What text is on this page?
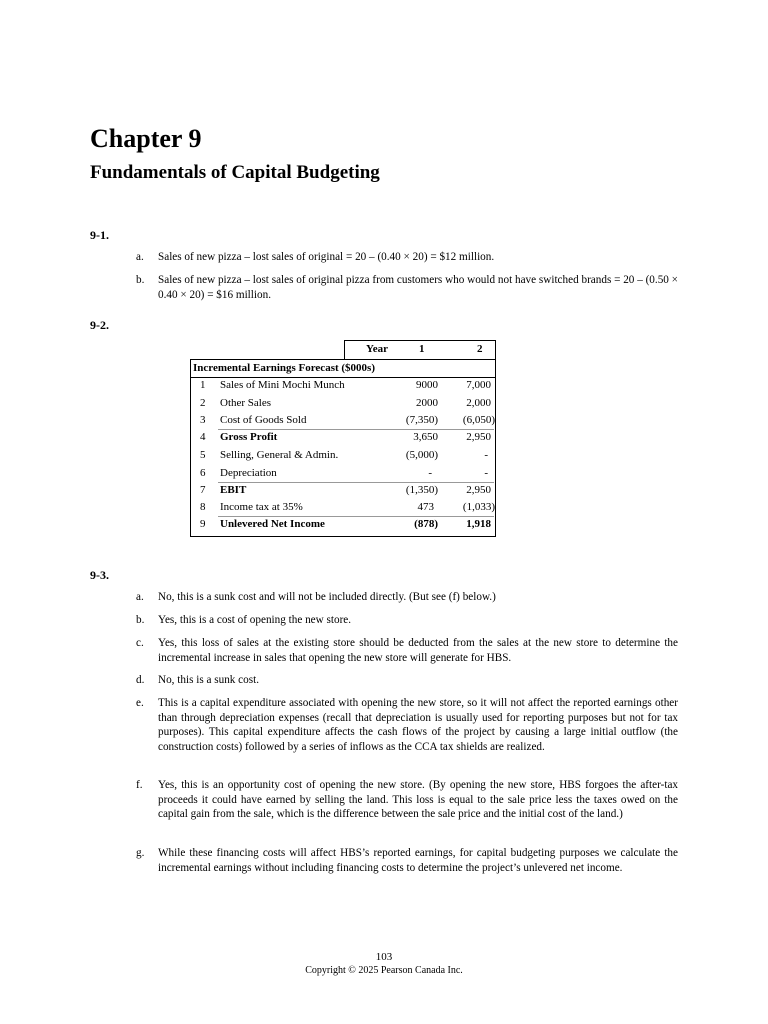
Chapter 9
Fundamentals of Capital Budgeting
9-1.
a. Sales of new pizza – lost sales of original = 20 – (0.40 × 20) = $12 million.
b. Sales of new pizza – lost sales of original pizza from customers who would not have switched brands = 20 – (0.50 × 0.40 × 20) = $16 million.
9-2.
Year	1	2
Incremental Earnings Forecast ($000s)
1 Sales of Mini Mochi Munch	9000	7,000
2 Other Sales	2000	2,000
3 Cost of Goods Sold	(7,350) (6,050)
4 Gross Profit	3,650	2,950
5 Selling, General & Admin.	(5,000)	-
6 Depreciation	-	-
7 EBIT	(1,350)	2,950
8 Income tax at 35%	473	(1,033)
9 Unlevered Net Income	(878)	1,918
9-3.
a. No, this is a sunk cost and will not be included directly. (But see (f) below.)
b. Yes, this is a cost of opening the new store.
c. Yes, this loss of sales at the existing store should be deducted from the sales at the new store to determine the incremental increase in sales that opening the new store will generate for HBS.
d. No, this is a sunk cost.
e. This is a capital expenditure associated with opening the new store, so it will not affect the reported earnings other than through depreciation expenses (recall that depreciation is usually used for reporting purposes but not for tax purposes). This capital expenditure affects the cash flows of the project by causing a large initial outflow (the construction costs) followed by a series of inflows as the CCA tax shields are realized.
f. Yes, this is an opportunity cost of opening the new store. (By opening the new store, HBS forgoes the after-tax proceeds it could have earned by selling the land. This loss is equal to the sale price less the taxes owed on the capital gain from the sale, which is the difference between the sale price and the initial cost of the land.)
g. While these financing costs will affect HBS’s reported earnings, for capital budgeting purposes we calculate the incremental earnings without including financing costs to determine the project’s unlevered net income.
103
Copyright © 2025 Pearson Canada Inc.
